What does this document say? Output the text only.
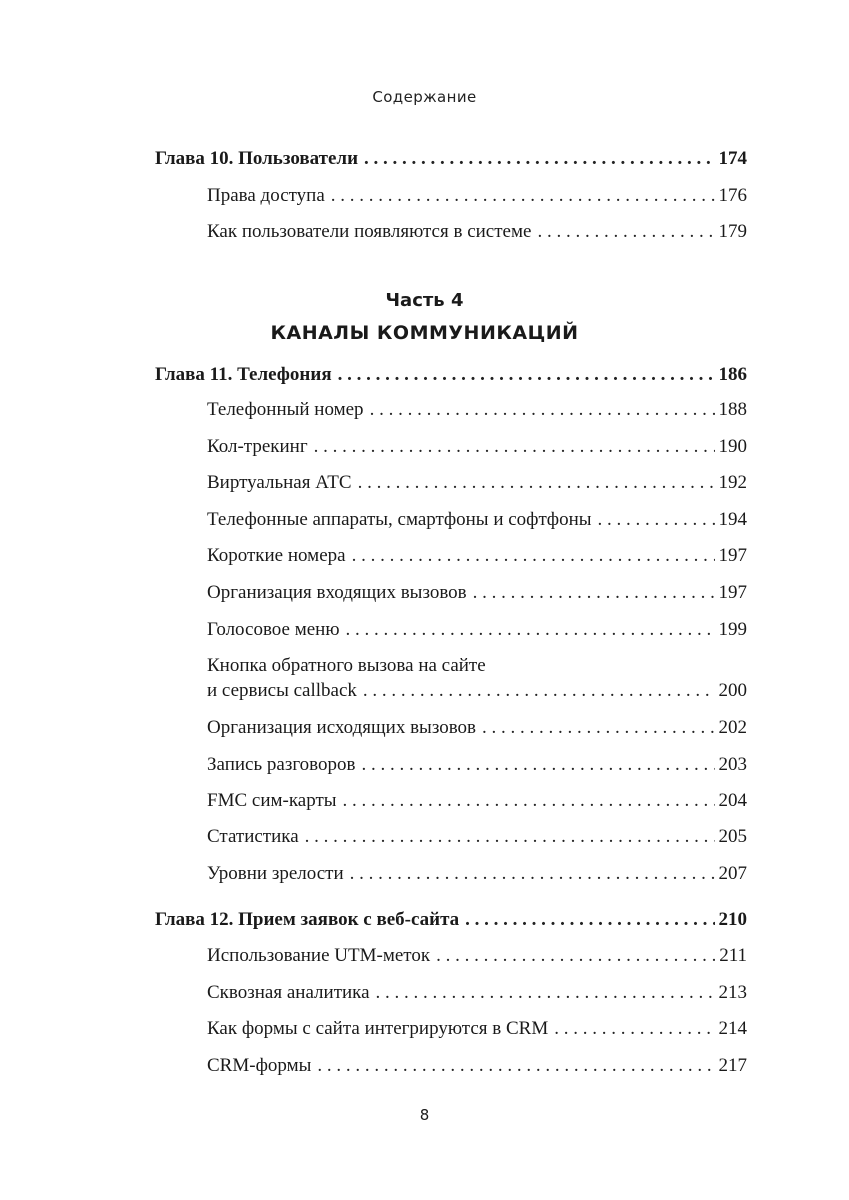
Содержание
Глава 10. Пользователи . . .	174
Права доступа . . .	176
Как пользователи появляются в системе . . .	179
Глава 11. Телефония . . .	186
Телефонный номер . . .	188
Кол-трекинг . . .	190
Виртуальная АТС . . .	192
Телефонные аппараты, смартфоны и софтфоны . . .	194
Короткие номера . . .	197
Организация входящих вызовов . . .	197
Голосовое меню . . .	199
Кнопка обратного вызова на сайте
и сервисы callback . . .	200
Организация исходящих вызовов . . .	202
Запись разговоров . . .	203
FMC сим-карты . . .	204
Статистика . . .	205
Уровни зрелости . . .	207
Глава 12. Прием заявок с веб-сайта . . .	210
Использование UTM-меток . . .	211
Сквозная аналитика . . .	213
Как формы с сайта интегрируются в CRM . . .	214
CRM-формы . . .	217
Часть 4
КАНАЛЫ КОММУНИКАЦИЙ
8
